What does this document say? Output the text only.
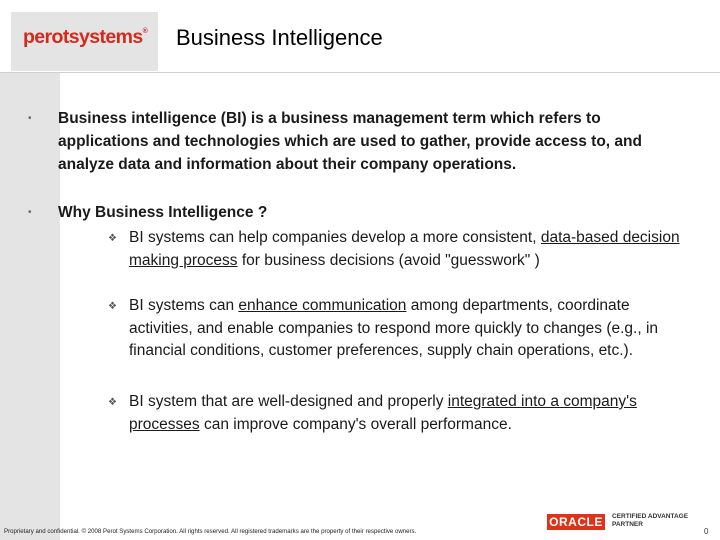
perotsystems® Business Intelligence
• Business intelligence (BI) is a business management term which refers to applications and technologies which are used to gather, provide access to, and analyze data and information about their company operations.
• Why Business Intelligence ?
❖ BI systems can help companies develop a more consistent, data-based decision making process for business decisions (avoid "guesswork" )
❖ BI systems can enhance communication among departments, coordinate activities, and enable companies to respond more quickly to changes (e.g., in financial conditions, customer preferences, supply chain operations, etc.).
❖ BI system that are well-designed and properly integrated into a company's processes can improve company's overall performance.
Proprietary and confidential. © 2008 Perot Systems Corporation. All rights reserved. All registered trademarks are the property of their respective owners.
ORACLE	CERTIFIED ADVANTAGE
PARTNER
0
